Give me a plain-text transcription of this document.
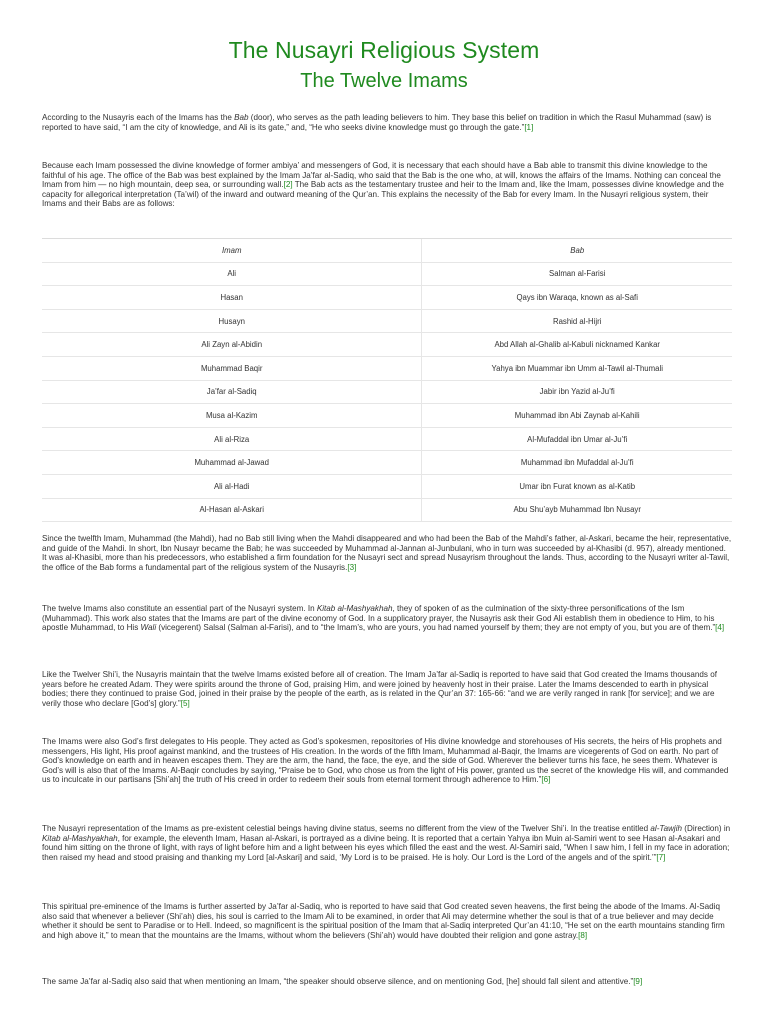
The Nusayri Religious System
The Twelve Imams

According to the Nusayris each of the Imams has the Bab (door), who serves as the path leading believers to him. They base this belief on tradition in which the Rasul Muhammad (saw) is reported to have said, “I am the city of knowledge, and Ali is its gate,” and, “He who seeks divine knowledge must go through the gate.”[1]

Because each Imam possessed the divine knowledge of former ambiya’ and messengers of God, it is necessary that each should have a Bab able to transmit this divine knowledge to the faithful of his age. The office of the Bab was best explained by the Imam Ja’far al-Sadiq, who said that the Bab is the one who, at will, knows the affairs of the Imams. Nothing can conceal the Imam from him — no high mountain, deep sea, or surrounding wall.[2] The Bab acts as the testamentary trustee and heir to the Imam and, like the Imam, possesses divine knowledge and the capacity for allegorical interpretation (Ta’wil) of the inward and outward meaning of the Qur’an. This explains the necessity of the Bab for every Imam. In the Nusayri religious system, their Imams and their Babs are as follows:

Imam	Bab
Ali	Salman al-Farisi
Hasan	Qays ibn Waraqa, known as al-Safi
Husayn	Rashid al-Hijri
Ali Zayn al-Abidin	Abd Allah al-Ghalib al-Kabuli nicknamed Kankar
Muhammad Baqir	Yahya ibn Muammar ibn Umm al-Tawil al-Thumali
Ja’far al-Sadiq	Jabir ibn Yazid al-Ju’fi
Musa al-Kazim	Muhammad ibn Abi Zaynab al-Kahili
Ali al-Riza	Al-Mufaddal ibn Umar al-Ju’fi
Muhammad al-Jawad	Muhammad ibn Mufaddal al-Ju’fi
Ali al-Hadi	Umar ibn Furat known as al-Katib
Al-Hasan al-Askari	Abu Shu’ayb Muhammad Ibn Nusayr

Since the twelfth Imam, Muhammad (the Mahdi), had no Bab still living when the Mahdi disappeared and who had been the Bab of the Mahdi’s father, al-Askari, became the heir, representative, and guide of the Mahdi. In short, Ibn Nusayr became the Bab; he was succeeded by Muhammad al-Jannan al-Junbulani, who in turn was succeeded by al-Khasibi (d. 957), already mentioned. It was al-Khasibi, more than his predecessors, who established a firm foundation for the Nusayri sect and spread Nusayrism throughout the lands. Thus, according to the Nusayri writer al-Tawil, the office of the Bab forms a fundamental part of the religious system of the Nusayris.[3]

The twelve Imams also constitute an essential part of the Nusayri system. In Kitab al-Mashyakhah, they of spoken of as the culmination of the sixty-three personifications of the Ism (Muhammad). This work also states that the Imams are part of the divine economy of God. In a supplicatory prayer, the Nusayris ask their God Ali establish them in obedience to Him, to his apostle Muhammad, to His Wali (vicegerent) Salsal (Salman al-Farisi), and to “the Imam’s, who are yours, you had named yourself by them; they are not empty of you, but you are of them.”[4]

Like the Twelver Shi’i, the Nusayris maintain that the twelve Imams existed before all of creation. The Imam Ja’far al-Sadiq is reported to have said that God created the Imams thousands of years before he created Adam. They were spirits around the throne of God, praising Him, and were joined by heavenly host in their praise. Later the Imams descended to earth in physical bodies; there they continued to praise God, joined in their praise by the people of the earth, as is related in the Qur’an 37: 165-66: “and we are verily ranged in rank [for service]; and we are verily those who declare [God’s] glory.”[5]

The Imams were also God’s first delegates to His people. They acted as God’s spokesmen, repositories of His divine knowledge and storehouses of His secrets, the heirs of His prophets and messengers, His light, His proof against mankind, and the trustees of His creation. In the words of the fifth Imam, Muhammad al-Baqir, the Imams are vicegerents of God on earth. No part of God’s knowledge on earth and in heaven escapes them. They are the arm, the hand, the face, the eye, and the side of God. Wherever the believer turns his face, he sees them. Whatever is God’s will is also that of the Imams. Al-Baqir concludes by saying, “Praise be to God, who chose us from the light of His power, granted us the secret of the knowledge His will, and commanded us to inculcate in our partisans [Shi’ah] the truth of His creed in order to redeem their souls from eternal torment through adherence to Him.”[6]

The Nusayri representation of the Imams as pre-existent celestial beings having divine status, seems no different from the view of the Twelver Shi’i. In the treatise entitled al-Tawjih (Direction) in Kitab al-Mashyakhah, for example, the eleventh Imam, Hasan al-Askari, is portrayed as a divine being. It is reported that a certain Yahya ibn Muin al-Samiri went to see Hasan al-Asakari and found him sitting on the throne of light, with rays of light before him and a light between his eyes which filled the east and the west. Al-Samiri said, “When I saw him, I fell in my face in adoration; then raised my head and stood praising and thanking my Lord [al-Askari] and said, ‘My Lord is to be praised. He is holy. Our Lord is the Lord of the angels and of the spirit.’”[7]

This spiritual pre-eminence of the Imams is further asserted by Ja’far al-Sadiq, who is reported to have said that God created seven heavens, the first being the abode of the Imams. Al-Sadiq also said that whenever a believer (Shi’ah) dies, his soul is carried to the Imam Ali to be examined, in order that Ali may determine whether the soul is that of a true believer and may decide whether it should be sent to Paradise or to Hell. Indeed, so magnificent is the spiritual position of the Imam that al-Sadiq interpreted Qur’an 41:10, “He set on the earth mountains standing firm and high above it,” to mean that the mountains are the Imams, without whom the believers (Shi’ah) would have doubted their religion and gone astray.[8]

The same Ja’far al-Sadiq also said that when mentioning an Imam, “the speaker should observe silence, and on mentioning God, [he] should fall silent and attentive.”[9]
